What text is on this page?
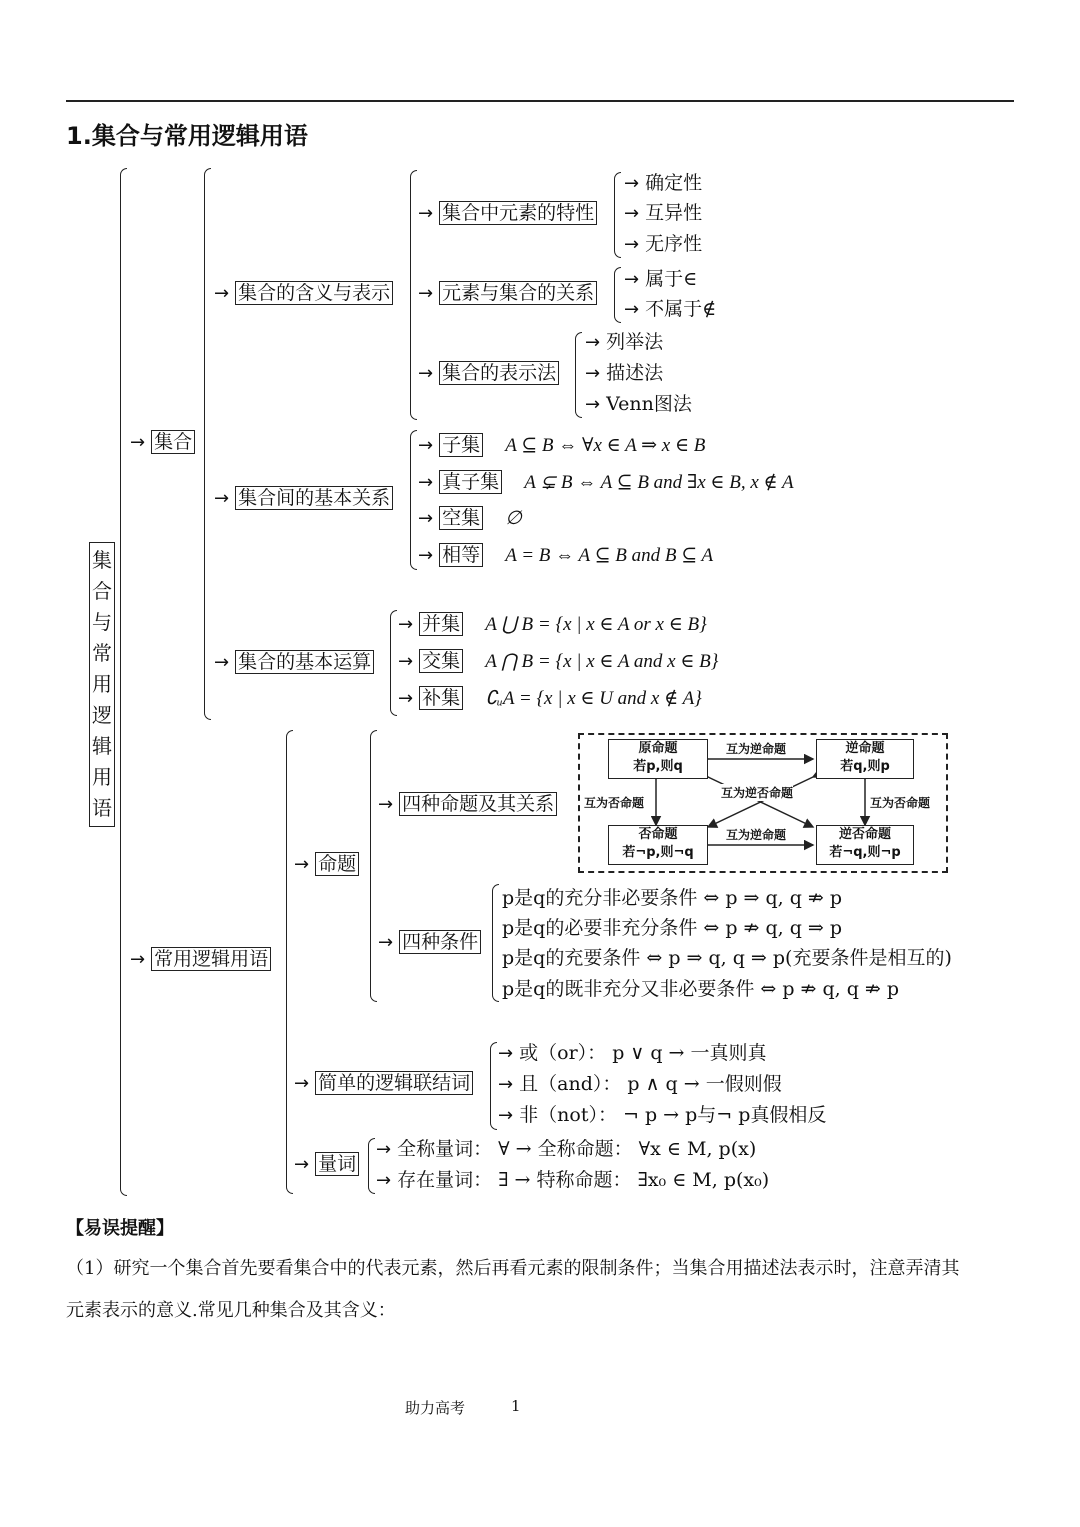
1.集合与常用逻辑用语
集合与常用逻辑用语
→ 集合
→ 集合的含义与表示
→ 集合中元素的特性
→ 确定性
→ 互异性
→ 无序性
→ 元素与集合的关系
→ 属于∈
→ 不属于∉
→ 集合的表示法
→ 列举法
→ 描述法
→ Venn图法
→ 集合间的基本关系
→ 子集 A ⊆ B ⇔ ∀x ∈ A ⇒ x ∈ B
→ 真子集 A ⊊ B ⇔ A ⊆ B and ∃x ∈ B, x ∉ A
→ 空集 ∅
→ 相等 A = B ⇔ A ⊆ B and B ⊆ A
→ 集合的基本运算
→ 并集 A ⋃ B = {x | x ∈ A or x ∈ B}
→ 交集 A ⋂ B = {x | x ∈ A and x ∈ B}
→ 补集 ∁ᵤA = {x | x ∈ U and x ∉ A}
→ 常用逻辑用语
→ 命题
→ 四种命题及其关系
原命题
若p,则q
逆命题
若q,则p
否命题
若¬p,则¬q
逆否命题
若¬q,则¬p
互为逆命题
互为逆命题
互为否命题	互为否命题
互为逆否命题
→ 四种条件
p是q的充分非必要条件 ⇔ p ⇒ q, q ⇏ p
p是q的必要非充分条件 ⇔ p ⇏ q, q ⇒ p
p是q的充要条件 ⇔ p ⇒ q, q ⇒ p(充要条件是相互的)
p是q的既非充分又非必要条件 ⇔ p ⇏ q, q ⇏ p
→ 简单的逻辑联结词
→ 或（or）： p ∨ q → 一真则真
→ 且（and）： p ∧ q → 一假则假
→ 非（not）： ¬ p → p与¬ p真假相反
→ 量词
→ 全称量词： ∀ → 全称命题： ∀x ∈ M, p(x)
→ 存在量词： ∃ → 特称命题： ∃x₀ ∈ M, p(x₀)
【易误提醒】
（1）研究一个集合首先要看集合中的代表元素，然后再看元素的限制条件；当集合用描述法表示时，注意弄清其
元素表示的意义.常见几种集合及其含义：
助力高考	1
